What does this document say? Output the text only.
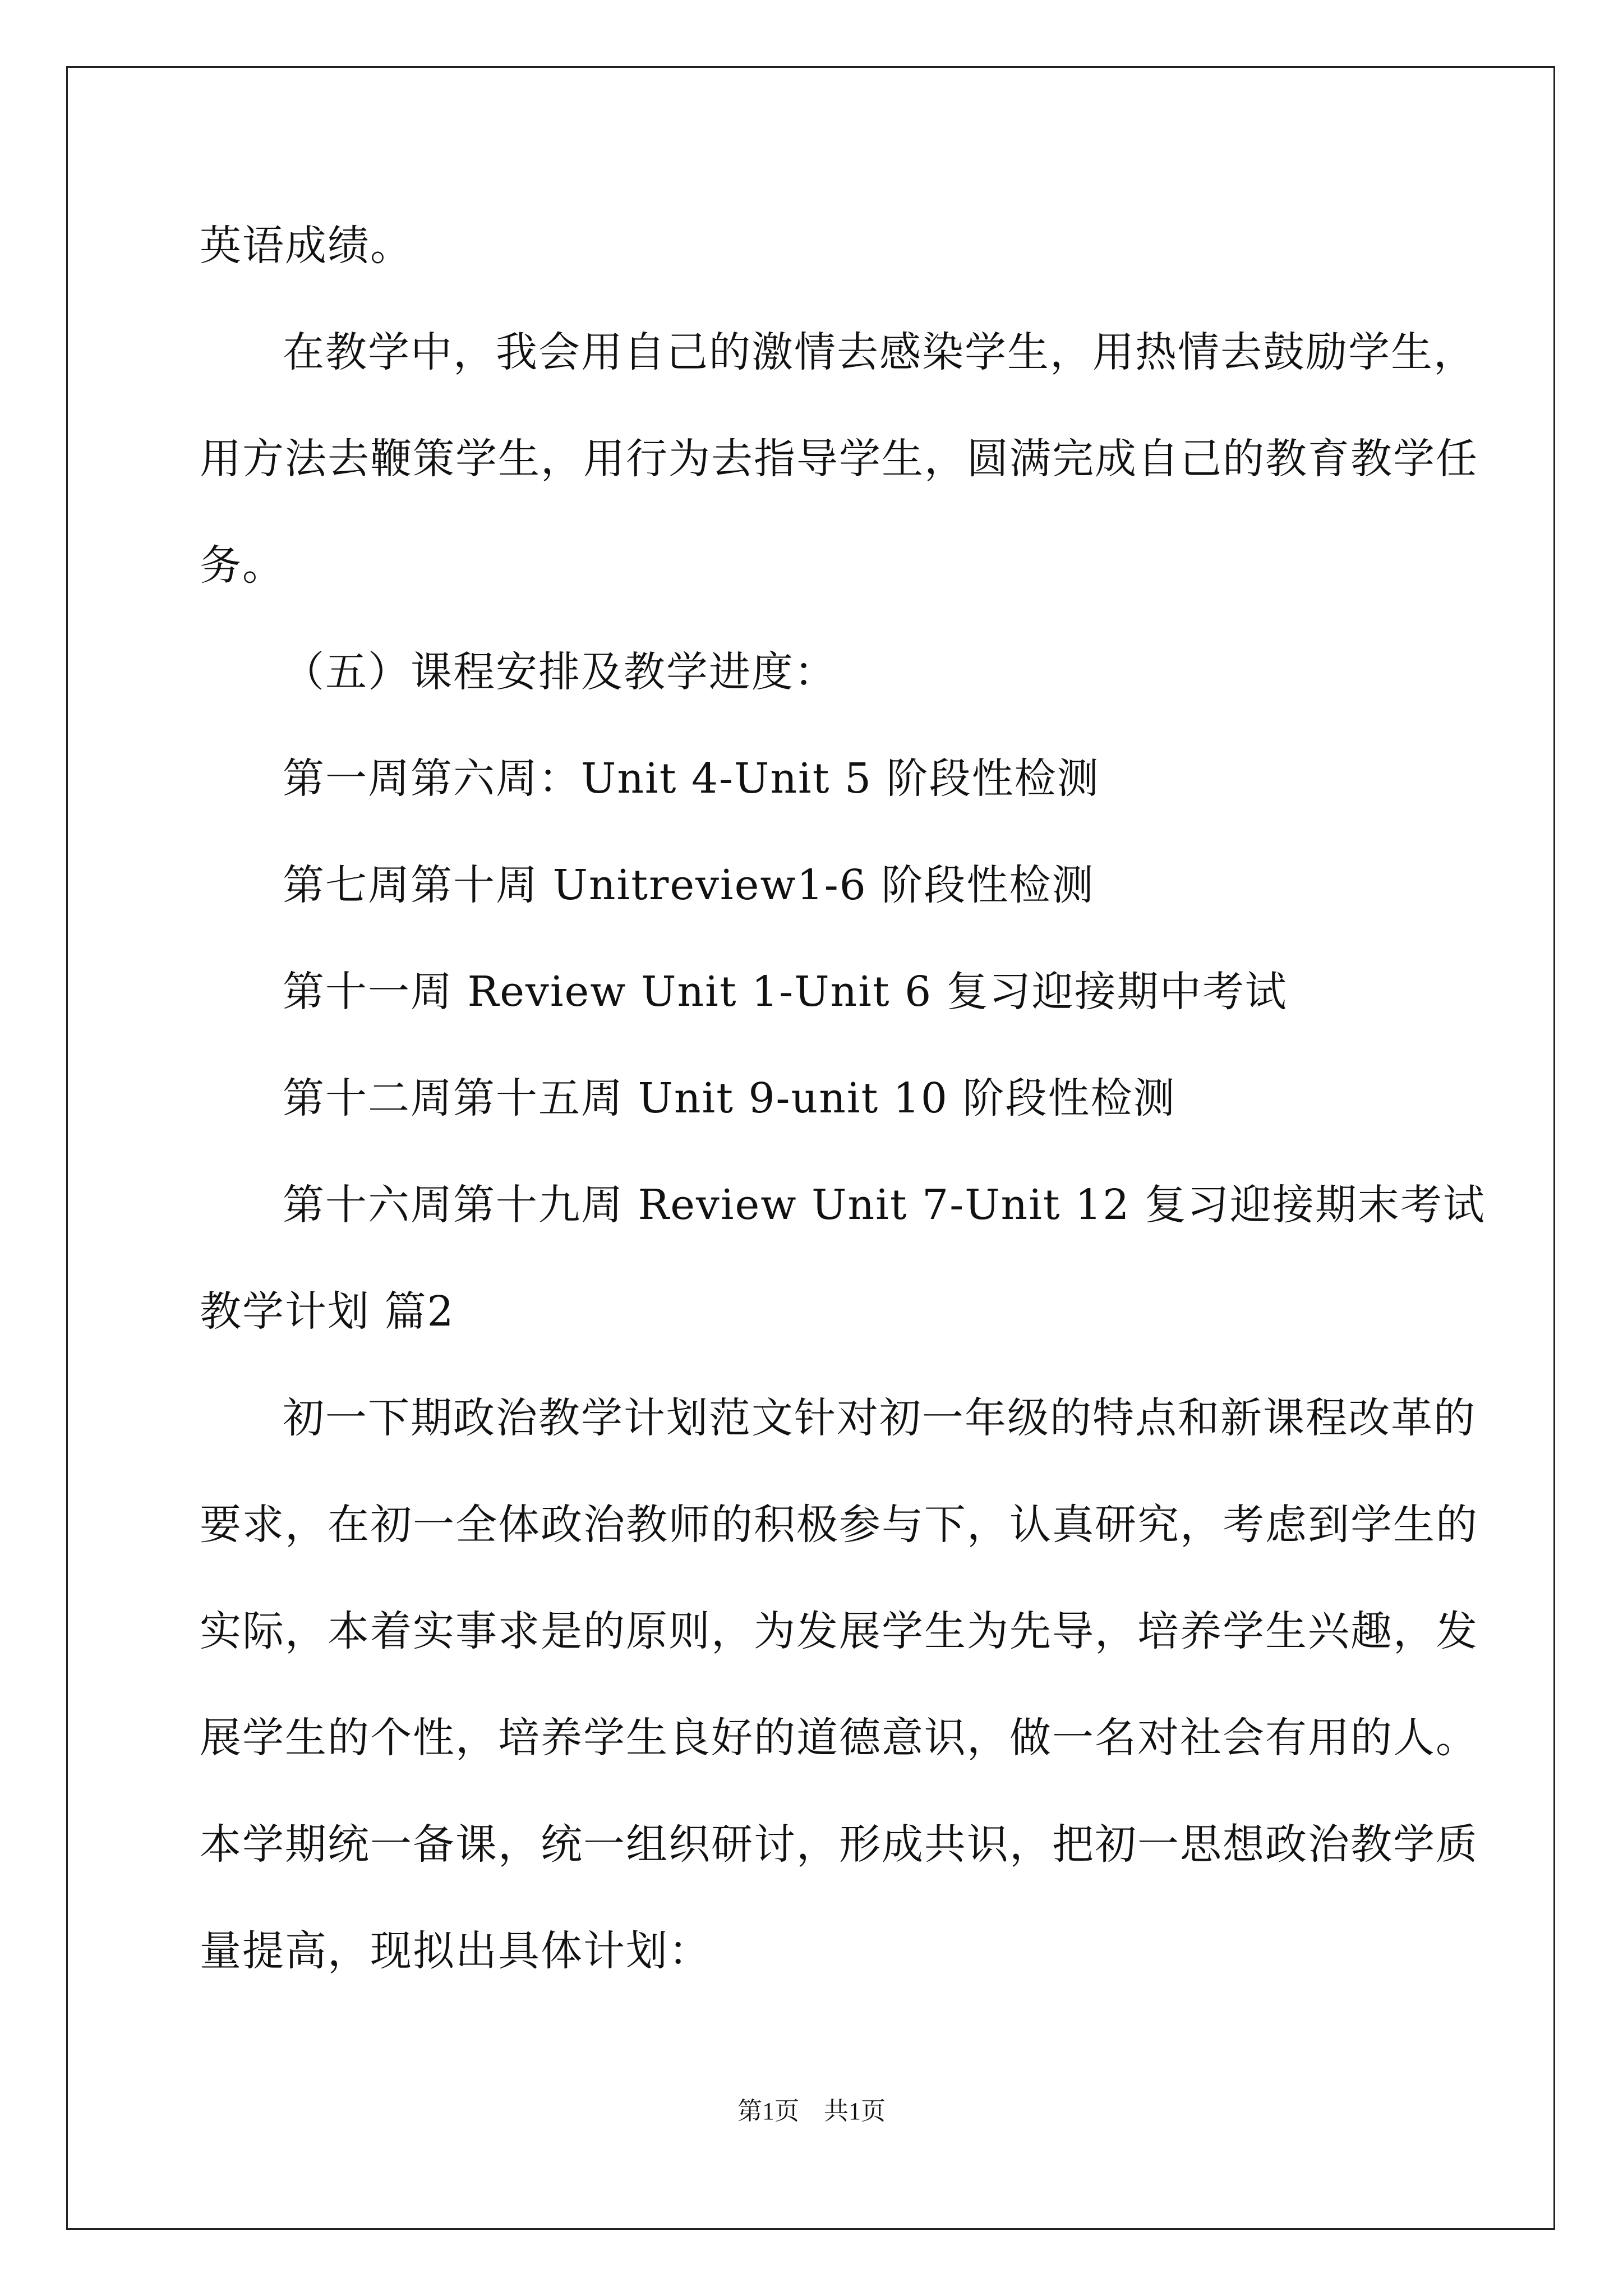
英语成绩。
在教学中，我会用自己的激情去感染学生，用热情去鼓励学生，
用方法去鞭策学生，用行为去指导学生，圆满完成自己的教育教学任
务。
（五）课程安排及教学进度：
第一周第六周：Unit 4-Unit 5 阶段性检测
第七周第十周 Unitreview1-6 阶段性检测
第十一周 Review Unit 1-Unit 6 复习迎接期中考试
第十二周第十五周 Unit 9-unit 10 阶段性检测
第十六周第十九周 Review Unit 7-Unit 12 复习迎接期末考试
教学计划 篇2
初一下期政治教学计划范文针对初一年级的特点和新课程改革的
要求，在初一全体政治教师的积极参与下，认真研究，考虑到学生的
实际，本着实事求是的原则，为发展学生为先导，培养学生兴趣，发
展学生的个性，培养学生良好的道德意识，做一名对社会有用的人。
本学期统一备课，统一组织研讨，形成共识，把初一思想政治教学质
量提高，现拟出具体计划：
第1页　共1页
